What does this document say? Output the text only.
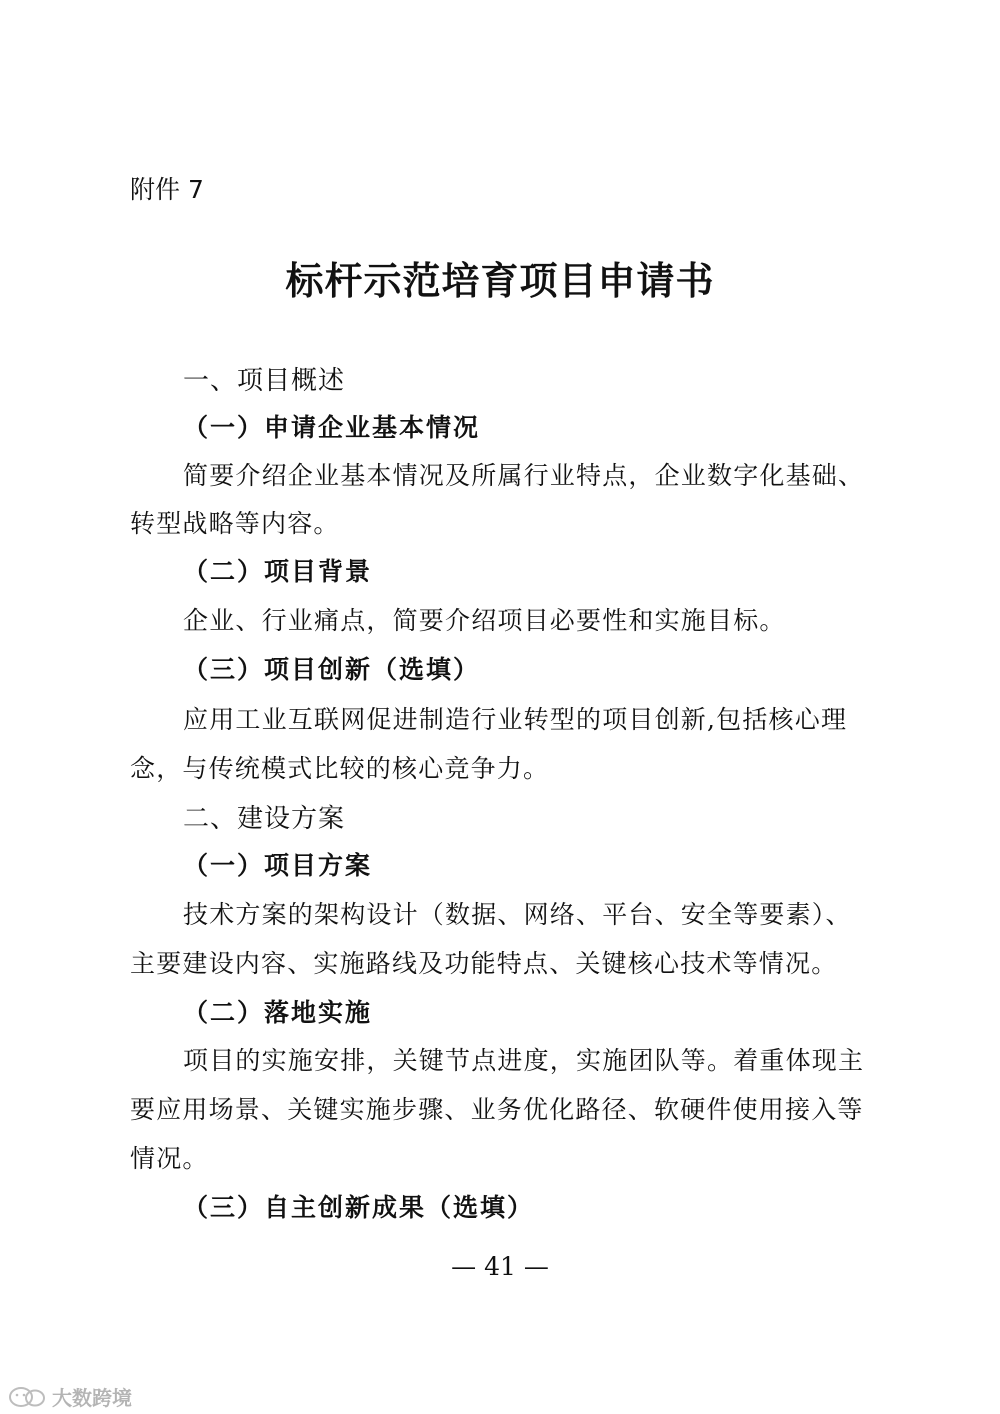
附件 7

标杆示范培育项目申请书

一、项目概述

（一）申请企业基本情况

简要介绍企业基本情况及所属行业特点，企业数字化基础、

转型战略等内容。

（二）项目背景

企业、行业痛点，简要介绍项目必要性和实施目标。

（三）项目创新（选填）

应用工业互联网促进制造行业转型的项目创新,包括核心理

念，与传统模式比较的核心竞争力。

二、建设方案

（一）项目方案

技术方案的架构设计（数据、网络、平台、安全等要素）、

主要建设内容、实施路线及功能特点、关键核心技术等情况。

（二）落地实施

项目的实施安排，关键节点进度，实施团队等。着重体现主

要应用场景、关键实施步骤、业务优化路径、软硬件使用接入等

情况。

（三）自主创新成果（选填）

— 41 —

大数跨境
